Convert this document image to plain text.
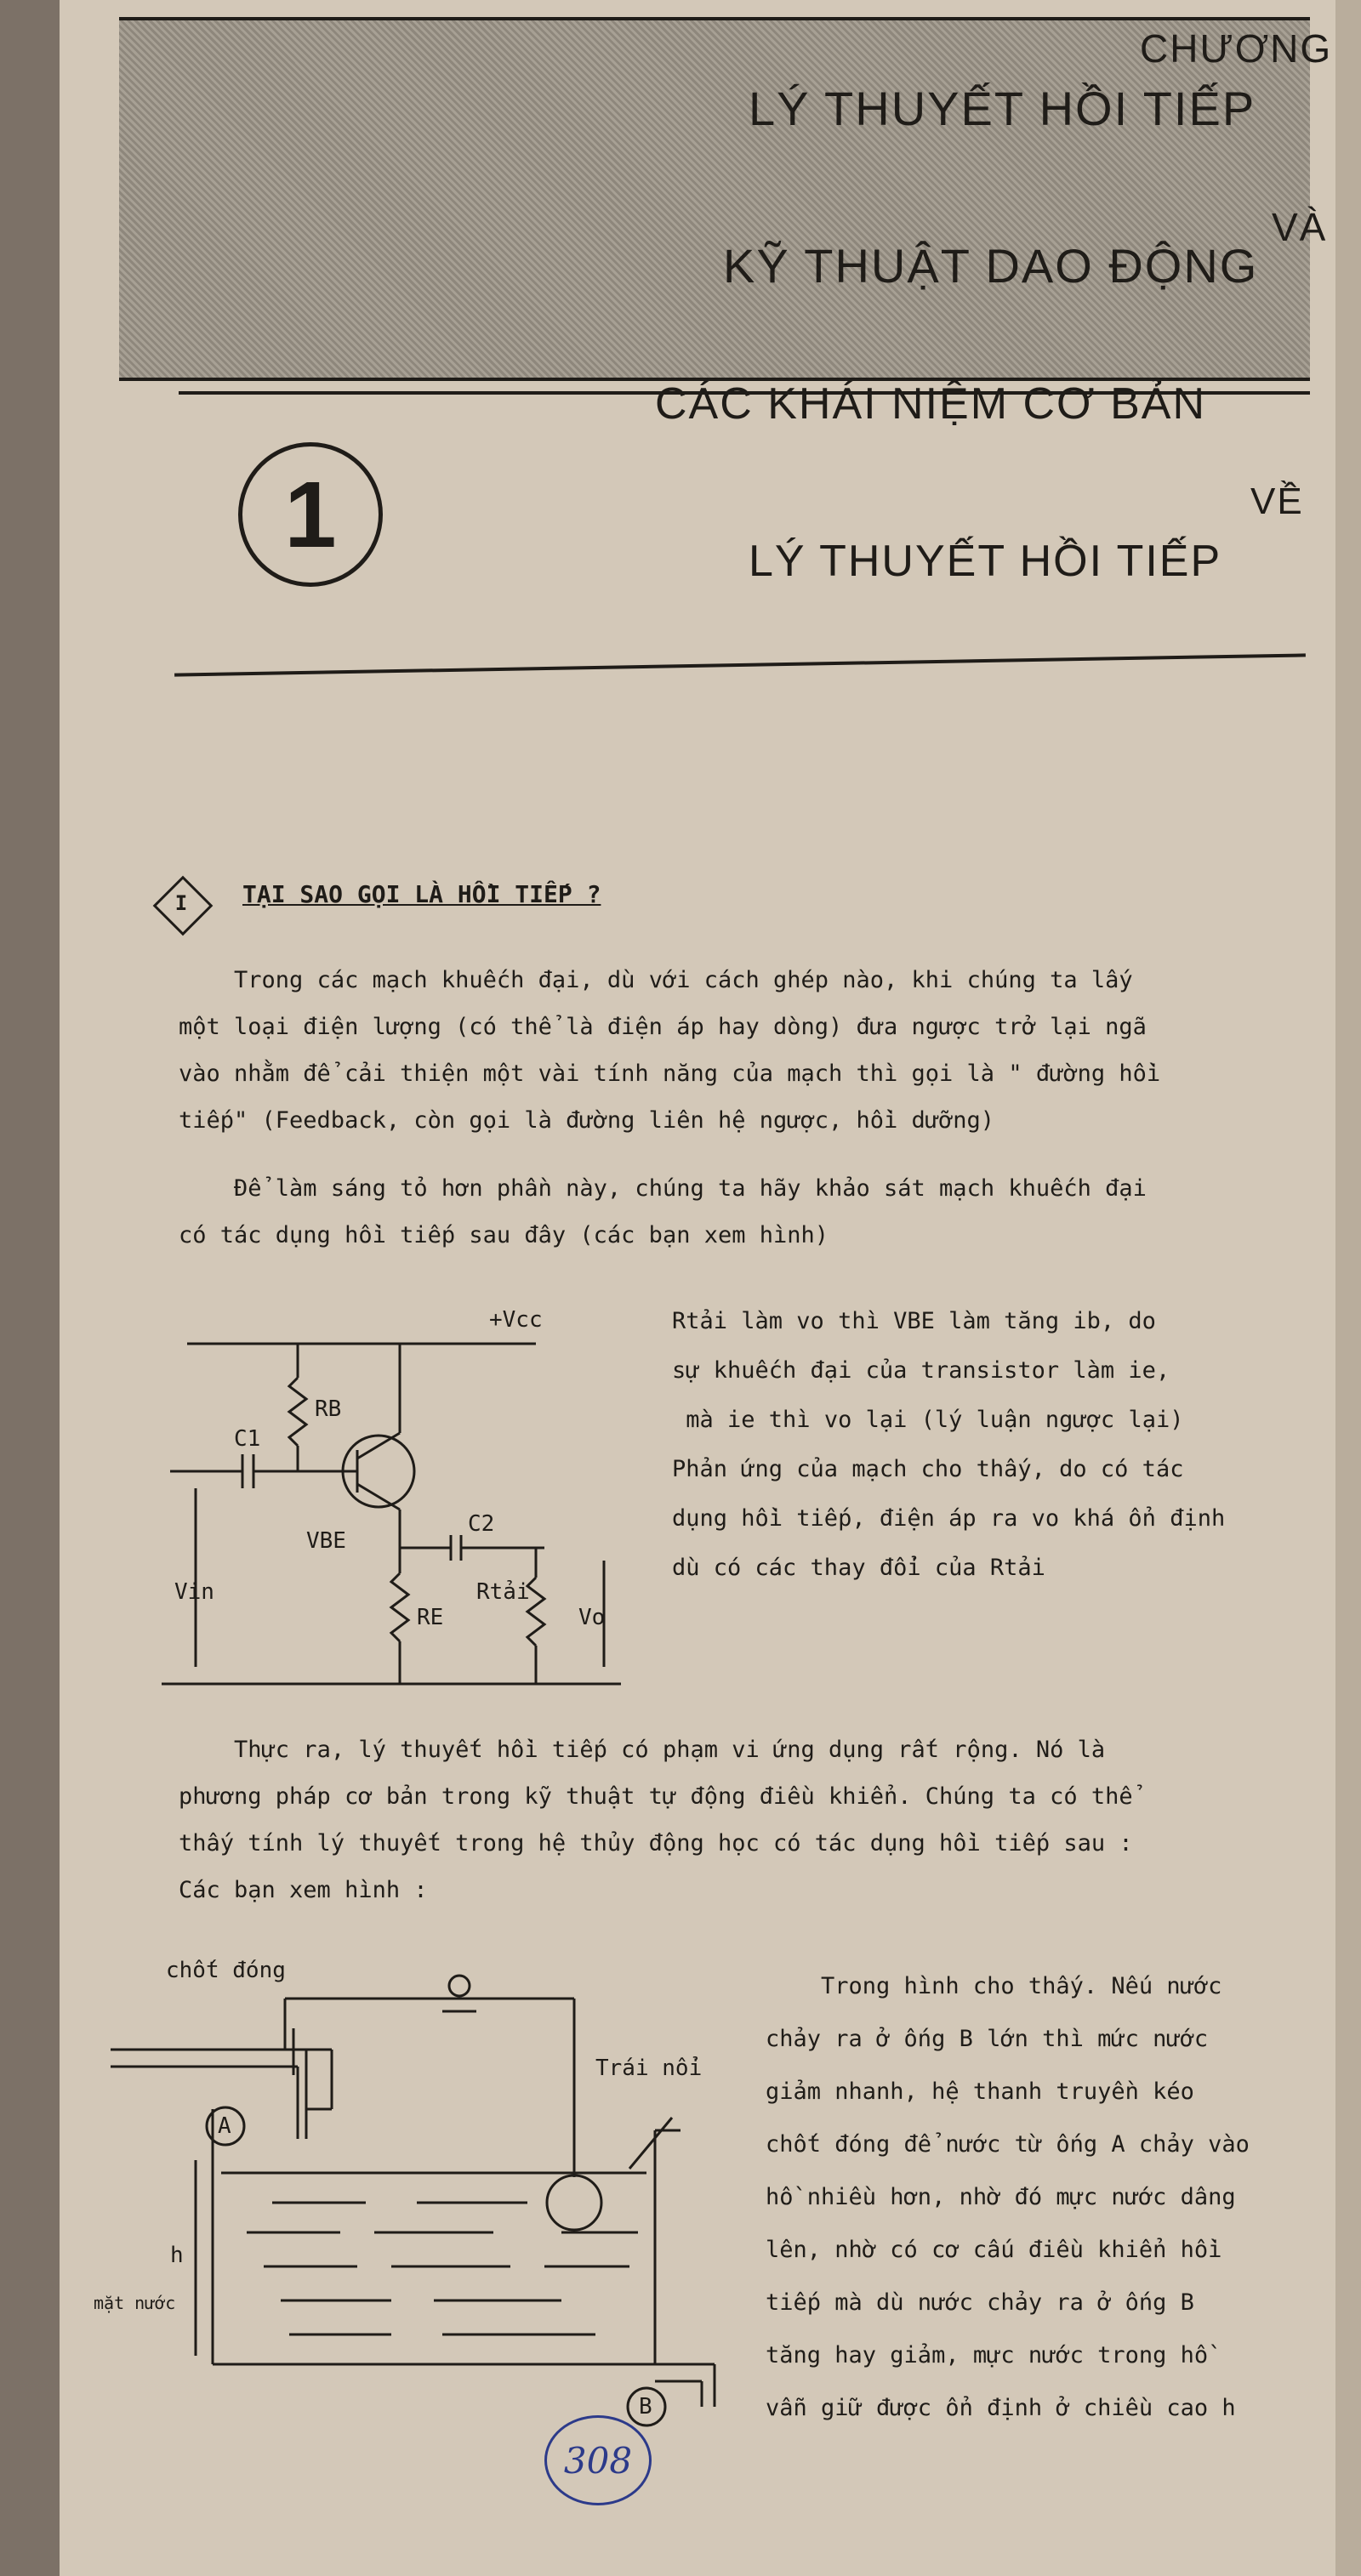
CHƯƠNG
LÝ THUYẾT HỒI TIẾP
VÀ
KỸ THUẬT DAO ĐỘNG
1
CÁC KHÁI NIỆM CƠ BẢN
VỀ
LÝ THUYẾT HỒI TIẾP
I	TẠI SAO GỌI LÀ HỒI TIẾP ?
Trong các mạch khuếch đại, dù với cách ghép nào, khi chúng ta lấy
một loại điện lượng (có thể là điện áp hay dòng) đưa ngược trở lại ngã
vào nhằm để cải thiện một vài tính năng của mạch thì gọi là " đường hồi
tiếp" (Feedback, còn gọi là đường liên hệ ngược, hồi dưỡng)
Để làm sáng tỏ hơn phần này, chúng ta hãy khảo sát mạch khuếch đại
có tác dụng hồi tiếp sau đây (các bạn xem hình)
+Vcc
RB
C1
C2
VBE
Vin
RE
Rtải
Vo
Rtải làm vo thì VBE làm tăng ib, do
sự khuếch đại của transistor làm ie,
mà ie thì vo lại (lý luận ngược lại)
Phản ứng của mạch cho thấy, do có tác
dụng hồi tiếp, điện áp ra vo khá ổn định
dù có các thay đổi của Rtải
Thực ra, lý thuyết hồi tiếp có phạm vi ứng dụng rất rộng. Nó là
phương pháp cơ bản trong kỹ thuật tự động điều khiển. Chúng ta có thể
thấy tính lý thuyết trong hệ thủy động học có tác dụng hồi tiếp sau :
Các bạn xem hình :
chốt đóng
Trái nổi
A
B
h
mặt nước
Trong hình cho thấy. Nếu nước
chảy ra ở ống B lớn thì mức nước
giảm nhanh, hệ thanh truyền kéo
chốt đóng để nước từ ống A chảy vào
hồ nhiều hơn, nhờ đó mực nước dâng
lên, nhờ có cơ cấu điều khiển hồi
tiếp mà dù nước chảy ra ở ống B
tăng hay giảm, mực nước trong hồ
vẫn giữ được ổn định ở chiều cao h
308
